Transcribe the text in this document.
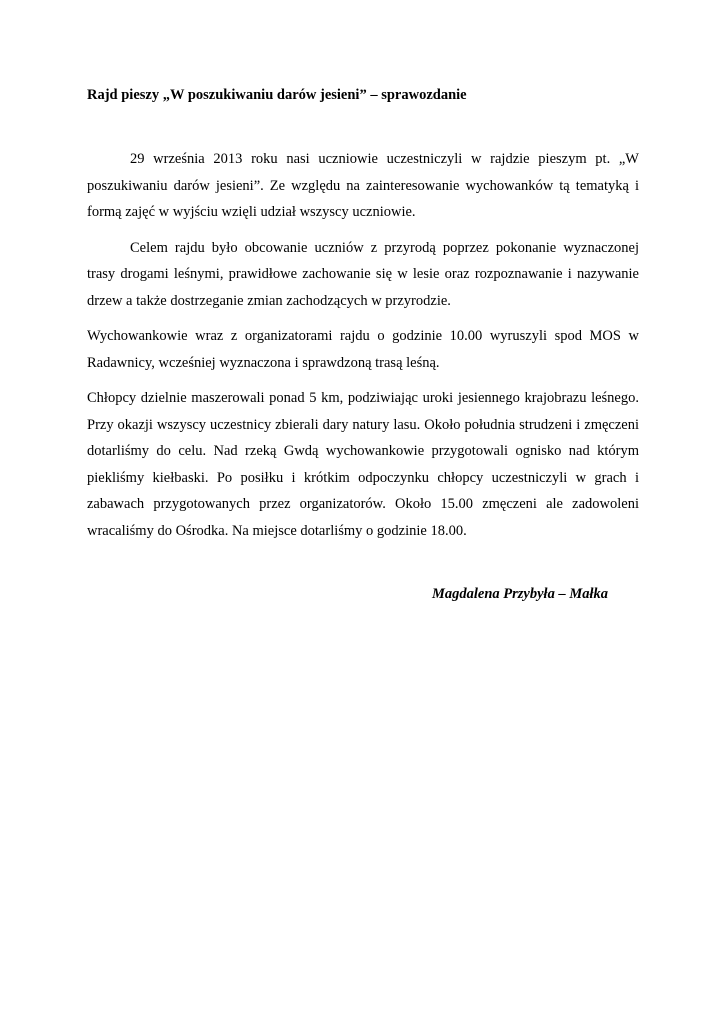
Rajd pieszy „W poszukiwaniu darów jesieni” – sprawozdanie

29 września 2013 roku nasi uczniowie uczestniczyli w rajdzie pieszym pt. „W poszukiwaniu darów jesieni”. Ze względu na zainteresowanie wychowanków tą tematyką i formą zajęć w wyjściu wzięli udział wszyscy uczniowie.

Celem rajdu było obcowanie uczniów z przyrodą poprzez pokonanie wyznaczonej trasy drogami leśnymi, prawidłowe zachowanie się w lesie oraz rozpoznawanie i nazywanie drzew a także dostrzeganie zmian zachodzących w przyrodzie.

Wychowankowie wraz z organizatorami rajdu o godzinie 10.00 wyruszyli spod MOS w Radawnicy, wcześniej wyznaczona i sprawdzoną trasą leśną.

Chłopcy dzielnie maszerowali ponad 5 km, podziwiając uroki jesiennego krajobrazu leśnego. Przy okazji wszyscy uczestnicy zbierali dary natury lasu. Około południa strudzeni i zmęczeni dotarliśmy do celu. Nad rzeką Gwdą wychowankowie przygotowali ognisko nad którym piekliśmy kiełbaski. Po posiłku i krótkim odpoczynku chłopcy uczestniczyli w grach i zabawach przygotowanych przez organizatorów. Około 15.00 zmęczeni ale zadowoleni wracaliśmy do Ośrodka. Na miejsce dotarliśmy o godzinie 18.00.

Magdalena Przybyła – Małka
